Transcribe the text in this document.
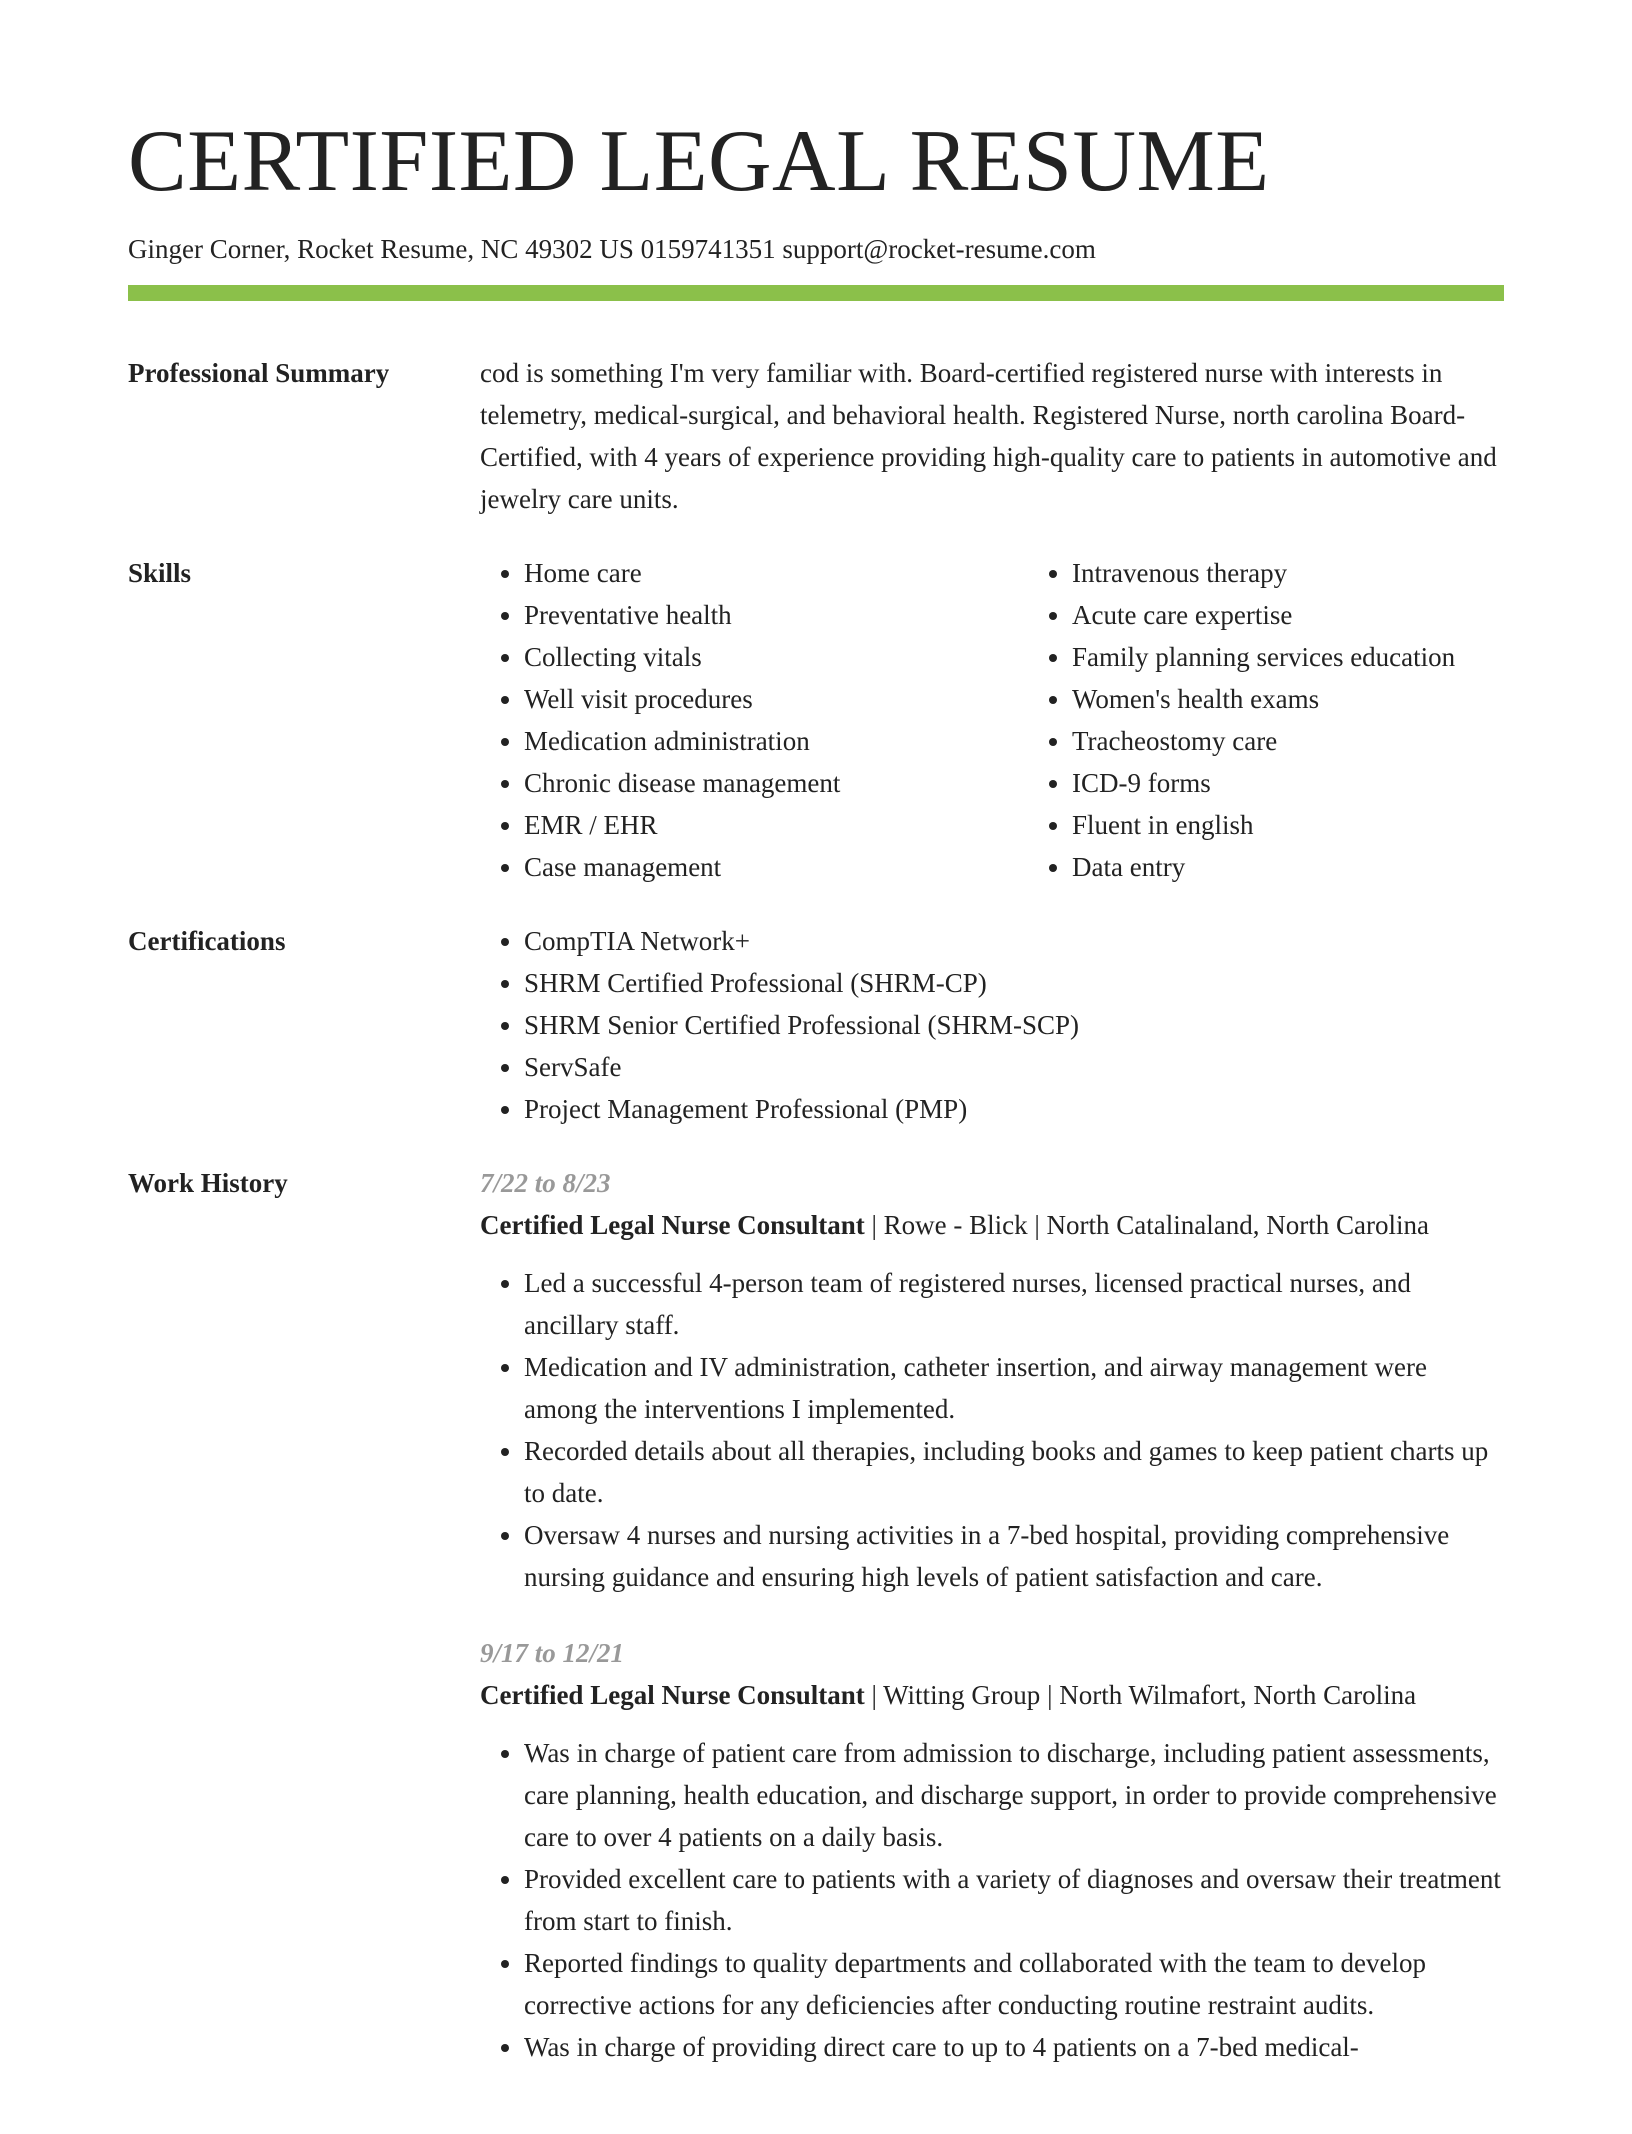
CERTIFIED LEGAL RESUME
Ginger Corner, Rocket Resume, NC 49302 US 0159741351 support@rocket-resume.com
Professional Summary	cod is something I'm very familiar with. Board-certified registered nurse with interests in telemetry, medical-surgical, and behavioral health. Registered Nurse, north carolina Board-Certified, with 4 years of experience providing high-quality care to patients in automotive and jewelry care units.

Skills	• Home care
• Preventative health
• Collecting vitals
• Well visit procedures
• Medication administration
• Chronic disease management
• EMR / EHR
• Case management
• Intravenous therapy
• Acute care expertise
• Family planning services education
• Women's health exams
• Tracheostomy care
• ICD-9 forms
• Fluent in english
• Data entry
Certifications	• CompTIA Network+
• SHRM Certified Professional (SHRM-CP)
• SHRM Senior Certified Professional (SHRM-SCP)
• ServSafe
• Project Management Professional (PMP)
Work History	7/22 to 8/23
Certified Legal Nurse Consultant | Rowe - Blick | North Catalinaland, North Carolina
• Led a successful 4-person team of registered nurses, licensed practical nurses, and ancillary staff.
• Medication and IV administration, catheter insertion, and airway management were among the interventions I implemented.
• Recorded details about all therapies, including books and games to keep patient charts up to date.
• Oversaw 4 nurses and nursing activities in a 7-bed hospital, providing comprehensive nursing guidance and ensuring high levels of patient satisfaction and care.
9/17 to 12/21
Certified Legal Nurse Consultant | Witting Group | North Wilmafort, North Carolina
• Was in charge of patient care from admission to discharge, including patient assessments, care planning, health education, and discharge support, in order to provide comprehensive care to over 4 patients on a daily basis.
• Provided excellent care to patients with a variety of diagnoses and oversaw their treatment from start to finish.
• Reported findings to quality departments and collaborated with the team to develop corrective actions for any deficiencies after conducting routine restraint audits.
• Was in charge of providing direct care to up to 4 patients on a 7-bed medical-
